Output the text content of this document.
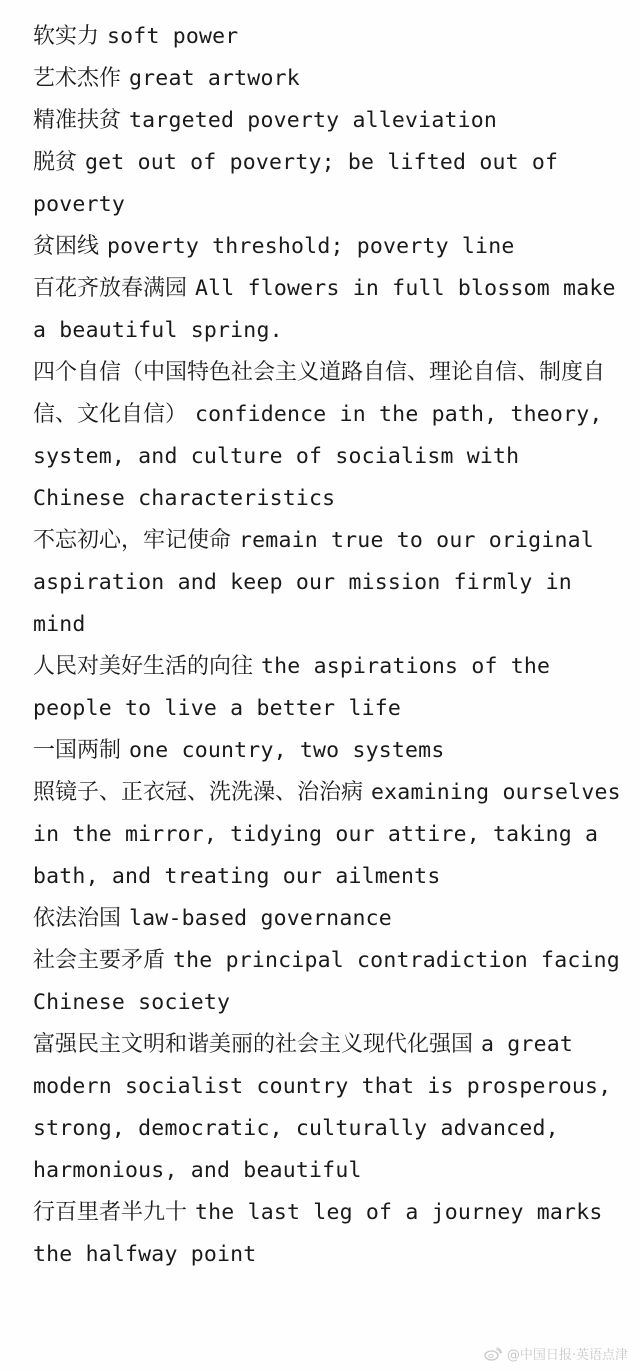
软实力 soft power
艺术杰作 great artwork
精准扶贫 targeted poverty alleviation
脱贫 get out of poverty; be lifted out of poverty
贫困线 poverty threshold; poverty line
百花齐放春满园 All flowers in full blossom make a beautiful spring.
四个自信（中国特色社会主义道路自信、理论自信、制度自信、文化自信） confidence in the path, theory, system, and culture of socialism with Chinese characteristics
不忘初心，牢记使命 remain true to our original aspiration and keep our mission firmly in mind
人民对美好生活的向往 the aspirations of the people to live a better life
一国两制 one country, two systems
照镜子、正衣冠、洗洗澡、治治病 examining ourselves in the mirror, tidying our attire, taking a bath, and treating our ailments
依法治国 law-based governance
社会主要矛盾 the principal contradiction facing Chinese society
富强民主文明和谐美丽的社会主义现代化强国 a great modern socialist country that is prosperous, strong, democratic, culturally advanced, harmonious, and beautiful
行百里者半九十 the last leg of a journey marks the halfway point
@中国日报·英语点津
